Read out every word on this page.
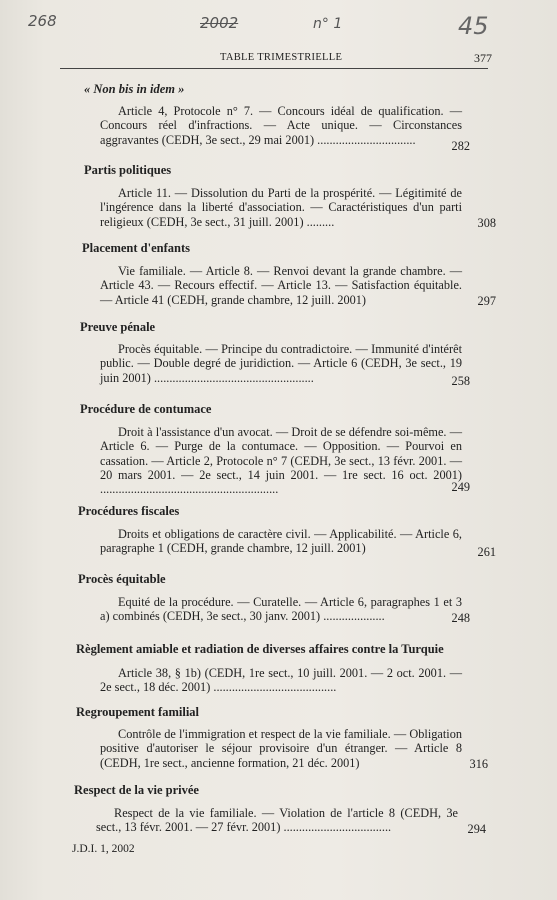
268	2002	n° 1	45
TABLE TRIMESTRIELLE	377
« Non bis in idem »
Article 4, Protocole n° 7. — Concours idéal de qualification. — Concours réel d'infractions. — Acte unique. — Circonstances aggravantes (CEDH, 3e sect., 29 mai 2001) ................................	282
Partis politiques
Article 11. — Dissolution du Parti de la prospérité. — Légitimité de l'ingérence dans la liberté d'association. — Caractéristiques d'un parti religieux (CEDH, 3e sect., 31 juill. 2001) .........	308
Placement d'enfants
Vie familiale. — Article 8. — Renvoi devant la grande chambre. — Article 43. — Recours effectif. — Article 13. — Satisfaction équitable. — Article 41 (CEDH, grande chambre, 12 juill. 2001)	297
Preuve pénale
Procès équitable. — Principe du contradictoire. — Immunité d'intérêt public. — Double degré de juridiction. — Article 6 (CEDH, 3e sect., 19 juin 2001) ....................................................	258
Procédure de contumace
Droit à l'assistance d'un avocat. — Droit de se défendre soi-même. — Article 6. — Purge de la contumace. — Opposition. — Pourvoi en cassation. — Article 2, Protocole n° 7 (CEDH, 3e sect., 13 févr. 2001. — 20 mars 2001. — 2e sect., 14 juin 2001. — 1re sect. 16 oct. 2001) ..........................................................	249
Procédures fiscales
Droits et obligations de caractère civil. — Applicabilité. — Article 6, paragraphe 1 (CEDH, grande chambre, 12 juill. 2001)	261
Procès équitable
Equité de la procédure. — Curatelle. — Article 6, paragraphes 1 et 3 a) combinés (CEDH, 3e sect., 30 janv. 2001) ....................	248
Règlement amiable et radiation de diverses affaires contre la Turquie
Article 38, § 1b) (CEDH, 1re sect., 10 juill. 2001. — 2 oct. 2001. — 2e sect., 18 déc. 2001) ........................................
Regroupement familial
Contrôle de l'immigration et respect de la vie familiale. — Obligation positive d'autoriser le séjour provisoire d'un étranger. — Article 8 (CEDH, 1re sect., ancienne formation, 21 déc. 2001)	316
Respect de la vie privée
Respect de la vie familiale. — Violation de l'article 8 (CEDH, 3e sect., 13 févr. 2001. — 27 févr. 2001) ...................................	294
J.D.I. 1, 2002
